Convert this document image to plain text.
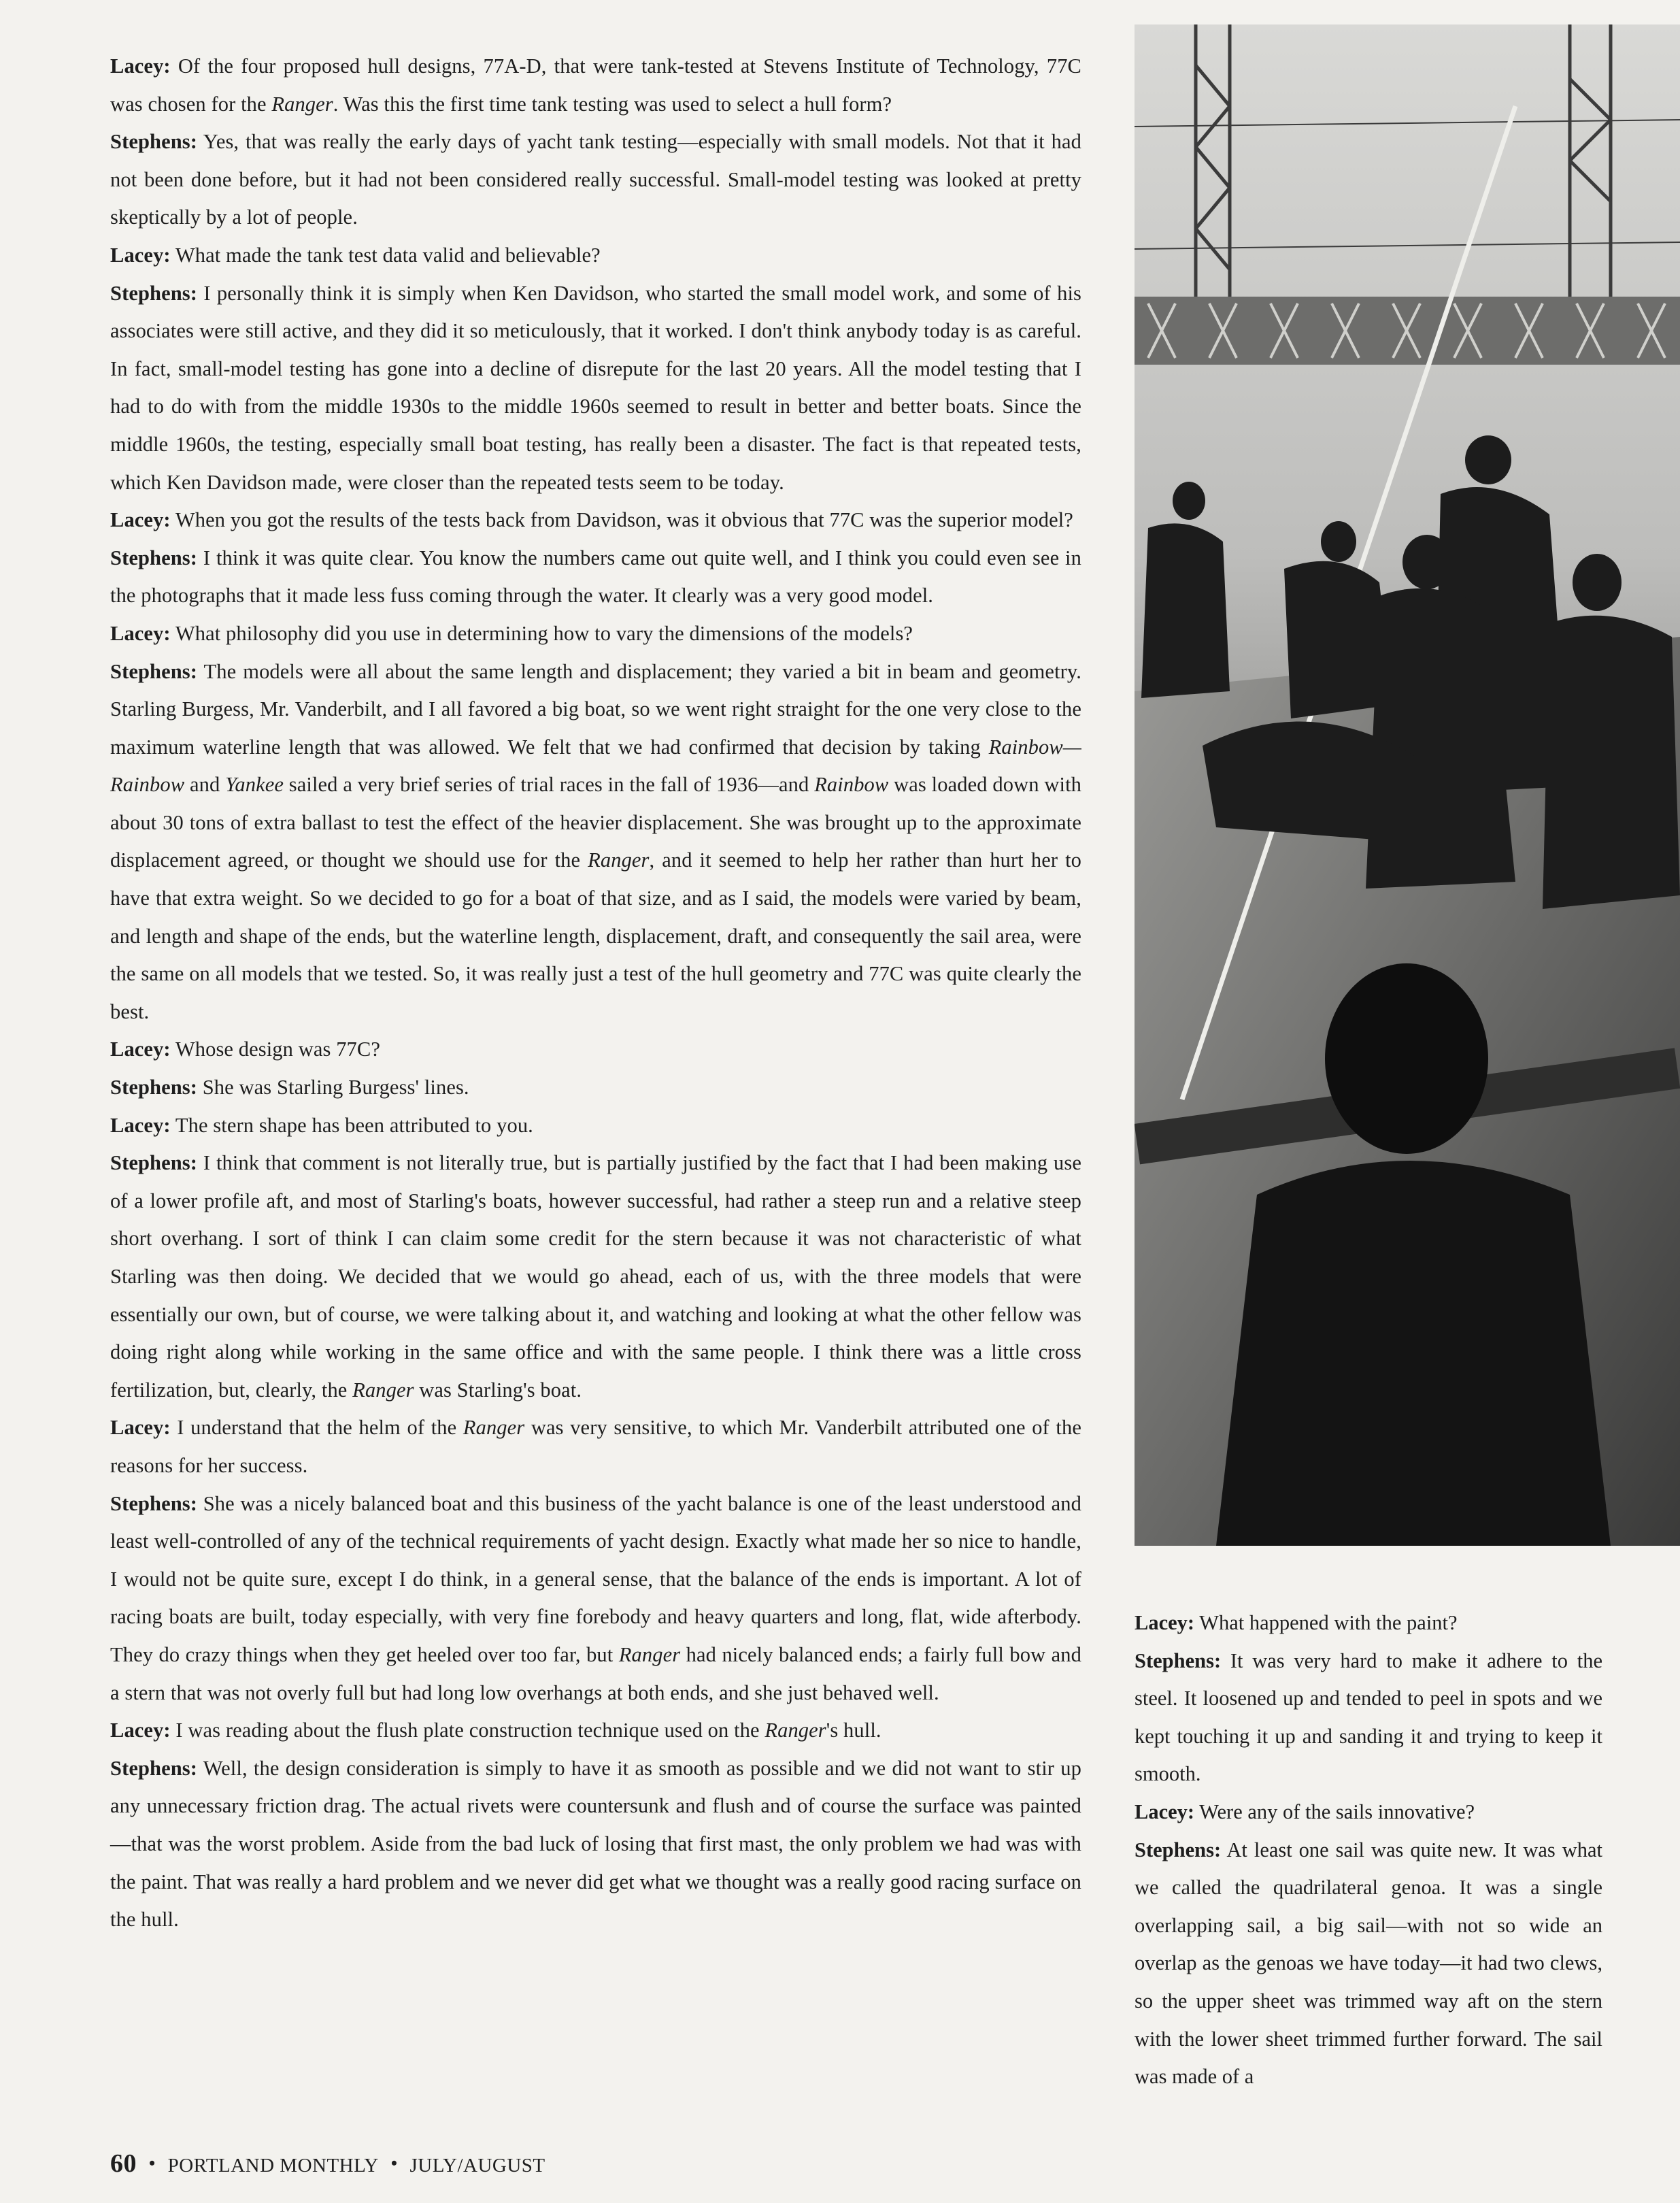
Lacey: Of the four proposed hull designs, 77A-D, that were tank-tested at Stevens Institute of Technology, 77C was chosen for the Ranger. Was this the first time tank testing was used to select a hull form?

Stephens: Yes, that was really the early days of yacht tank testing—especially with small models. Not that it had not been done before, but it had not been considered really successful. Small-model testing was looked at pretty skeptically by a lot of people.

Lacey: What made the tank test data valid and believable?

Stephens: I personally think it is simply when Ken Davidson, who started the small model work, and some of his associates were still active, and they did it so meticulously, that it worked. I don't think anybody today is as careful. In fact, small-model testing has gone into a decline of disrepute for the last 20 years. All the model testing that I had to do with from the middle 1930s to the middle 1960s seemed to result in better and better boats. Since the middle 1960s, the testing, especially small boat testing, has really been a disaster. The fact is that repeated tests, which Ken Davidson made, were closer than the repeated tests seem to be today.

Lacey: When you got the results of the tests back from Davidson, was it obvious that 77C was the superior model?

Stephens: I think it was quite clear. You know the numbers came out quite well, and I think you could even see in the photographs that it made less fuss coming through the water. It clearly was a very good model.

Lacey: What philosophy did you use in determining how to vary the dimensions of the models?

Stephens: The models were all about the same length and displacement; they varied a bit in beam and geometry. Starling Burgess, Mr. Vanderbilt, and I all favored a big boat, so we went right straight for the one very close to the maximum waterline length that was allowed. We felt that we had confirmed that decision by taking Rainbow—Rainbow and Yankee sailed a very brief series of trial races in the fall of 1936—and Rainbow was loaded down with about 30 tons of extra ballast to test the effect of the heavier displacement. She was brought up to the approximate displacement agreed, or thought we should use for the Ranger, and it seemed to help her rather than hurt her to have that extra weight. So we decided to go for a boat of that size, and as I said, the models were varied by beam, and length and shape of the ends, but the waterline length, displacement, draft, and consequently the sail area, were the same on all models that we tested. So, it was really just a test of the hull geometry and 77C was quite clearly the best.

Lacey: Whose design was 77C?

Stephens: She was Starling Burgess' lines.

Lacey: The stern shape has been attributed to you.

Stephens: I think that comment is not literally true, but is partially justified by the fact that I had been making use of a lower profile aft, and most of Starling's boats, however successful, had rather a steep run and a relative steep short overhang. I sort of think I can claim some credit for the stern because it was not characteristic of what Starling was then doing. We decided that we would go ahead, each of us, with the three models that were essentially our own, but of course, we were talking about it, and watching and looking at what the other fellow was doing right along while working in the same office and with the same people. I think there was a little cross fertilization, but, clearly, the Ranger was Starling's boat.

Lacey: I understand that the helm of the Ranger was very sensitive, to which Mr. Vanderbilt attributed one of the reasons for her success.

Stephens: She was a nicely balanced boat and this business of the yacht balance is one of the least understood and least well-controlled of any of the technical requirements of yacht design. Exactly what made her so nice to handle, I would not be quite sure, except I do think, in a general sense, that the balance of the ends is important. A lot of racing boats are built, today especially, with very fine forebody and heavy quarters and long, flat, wide afterbody. They do crazy things when they get heeled over too far, but Ranger had nicely balanced ends; a fairly full bow and a stern that was not overly full but had long low overhangs at both ends, and she just behaved well.

Lacey: I was reading about the flush plate construction technique used on the Ranger's hull.

Stephens: Well, the design consideration is simply to have it as smooth as possible and we did not want to stir up any unnecessary friction drag. The actual rivets were countersunk and flush and of course the surface was painted—that was the worst problem. Aside from the bad luck of losing that first mast, the only problem we had was with the paint. That was really a hard problem and we never did get what we thought was a really good racing surface on the hull.

Lacey: What happened with the paint?

Stephens: It was very hard to make it adhere to the steel. It loosened up and tended to peel in spots and we kept touching it up and sanding it and trying to keep it smooth.

Lacey: Were any of the sails innovative?

Stephens: At least one sail was quite new. It was what we called the quadrilateral genoa. It was a single overlapping sail, a big sail—with not so wide an overlap as the genoas we have today—it had two clews, so the upper sheet was trimmed way aft on the stern with the lower sheet trimmed further forward. The sail was made of a

60 • PORTLAND MONTHLY • JULY/AUGUST
